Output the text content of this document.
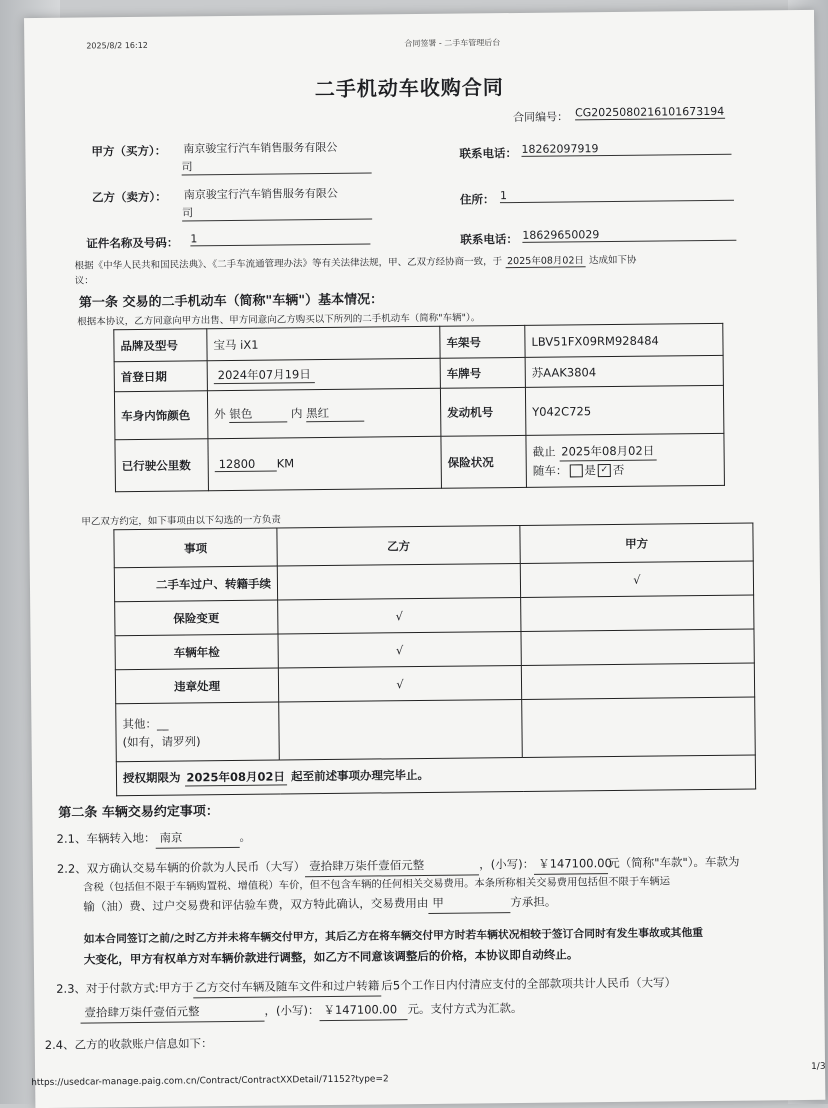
2025/8/2 16:12	合同签署 - 二手车管理后台
二手机动车收购合同
合同编号： CG2025080216101673194
甲方（买方）： 南京骏宝行汽车销售服务有限公
司
联系电话： 18262097919
乙方（卖方）： 南京骏宝行汽车销售服务有限公
司
住所： 1
证件名称及号码： 1	联系电话： 18629650029
根据《中华人民共和国民法典》、《二手车流通管理办法》等有关法律法规，甲、乙双方经协商一致，于 2025年08月02日 达成如下协
议：
第一条 交易的二手机动车（简称"车辆"）基本情况：
根据本协议，乙方同意向甲方出售、甲方同意向乙方购买以下所列的二手机动车（简称"车辆"）。
品牌及型号	宝马 iX1	车架号	LBV51FX09RM928484
首登日期	2024年07月19日	车牌号	苏AAK3804
车身内饰颜色	外 银色 内 黑红	发动机号	Y042C725
已行驶公里数	12800 KM	保险状况	截止 2025年08月02日
随车： 是 ✓ 否
甲乙双方约定，如下事项由以下勾选的一方负责
事项	乙方	甲方
二手车过户、转籍手续		√
保险变更	√	
车辆年检	√	
违章处理	√	

其他：__
(如有，请罗列)		

授权期限为 2025年08月02日 起至前述事项办理完毕止。		
第二条 车辆交易约定事项：
2.1、车辆转入地： 南京	。
2.2、双方确认交易车辆的价款为人民币（大写） 壹拾肆万柒仟壹佰元整	，(小写)： ￥147100.00元（简称"车款"）。车款为
含税（包括但不限于车辆购置税、增值税）车价，但不包含车辆的任何相关交易费用。本条所称相关交易费用包括但不限于车辆运
输（油）费、过户交易费和评估验车费，双方特此确认，交易费用由 甲	方承担。
如本合同签订之前/之时乙方并未将车辆交付甲方，其后乙方在将车辆交付甲方时若车辆状况相较于签订合同时有发生事故或其他重
大变化，甲方有权单方对车辆价款进行调整，如乙方不同意该调整后的价格，本协议即自动终止。
2.3、对于付款方式:甲方于 乙方交付车辆及随车文件和过户转籍 后5个工作日内付清应支付的全部款项共计人民币（大写）
壹拾肆万柒仟壹佰元整	，(小写)： ￥147100.00 元。支付方式为汇款。
2.4、乙方的收款账户信息如下：
https://usedcar-manage.paig.com.cn/Contract/ContractXXDetail/71152?type=2
1/3
